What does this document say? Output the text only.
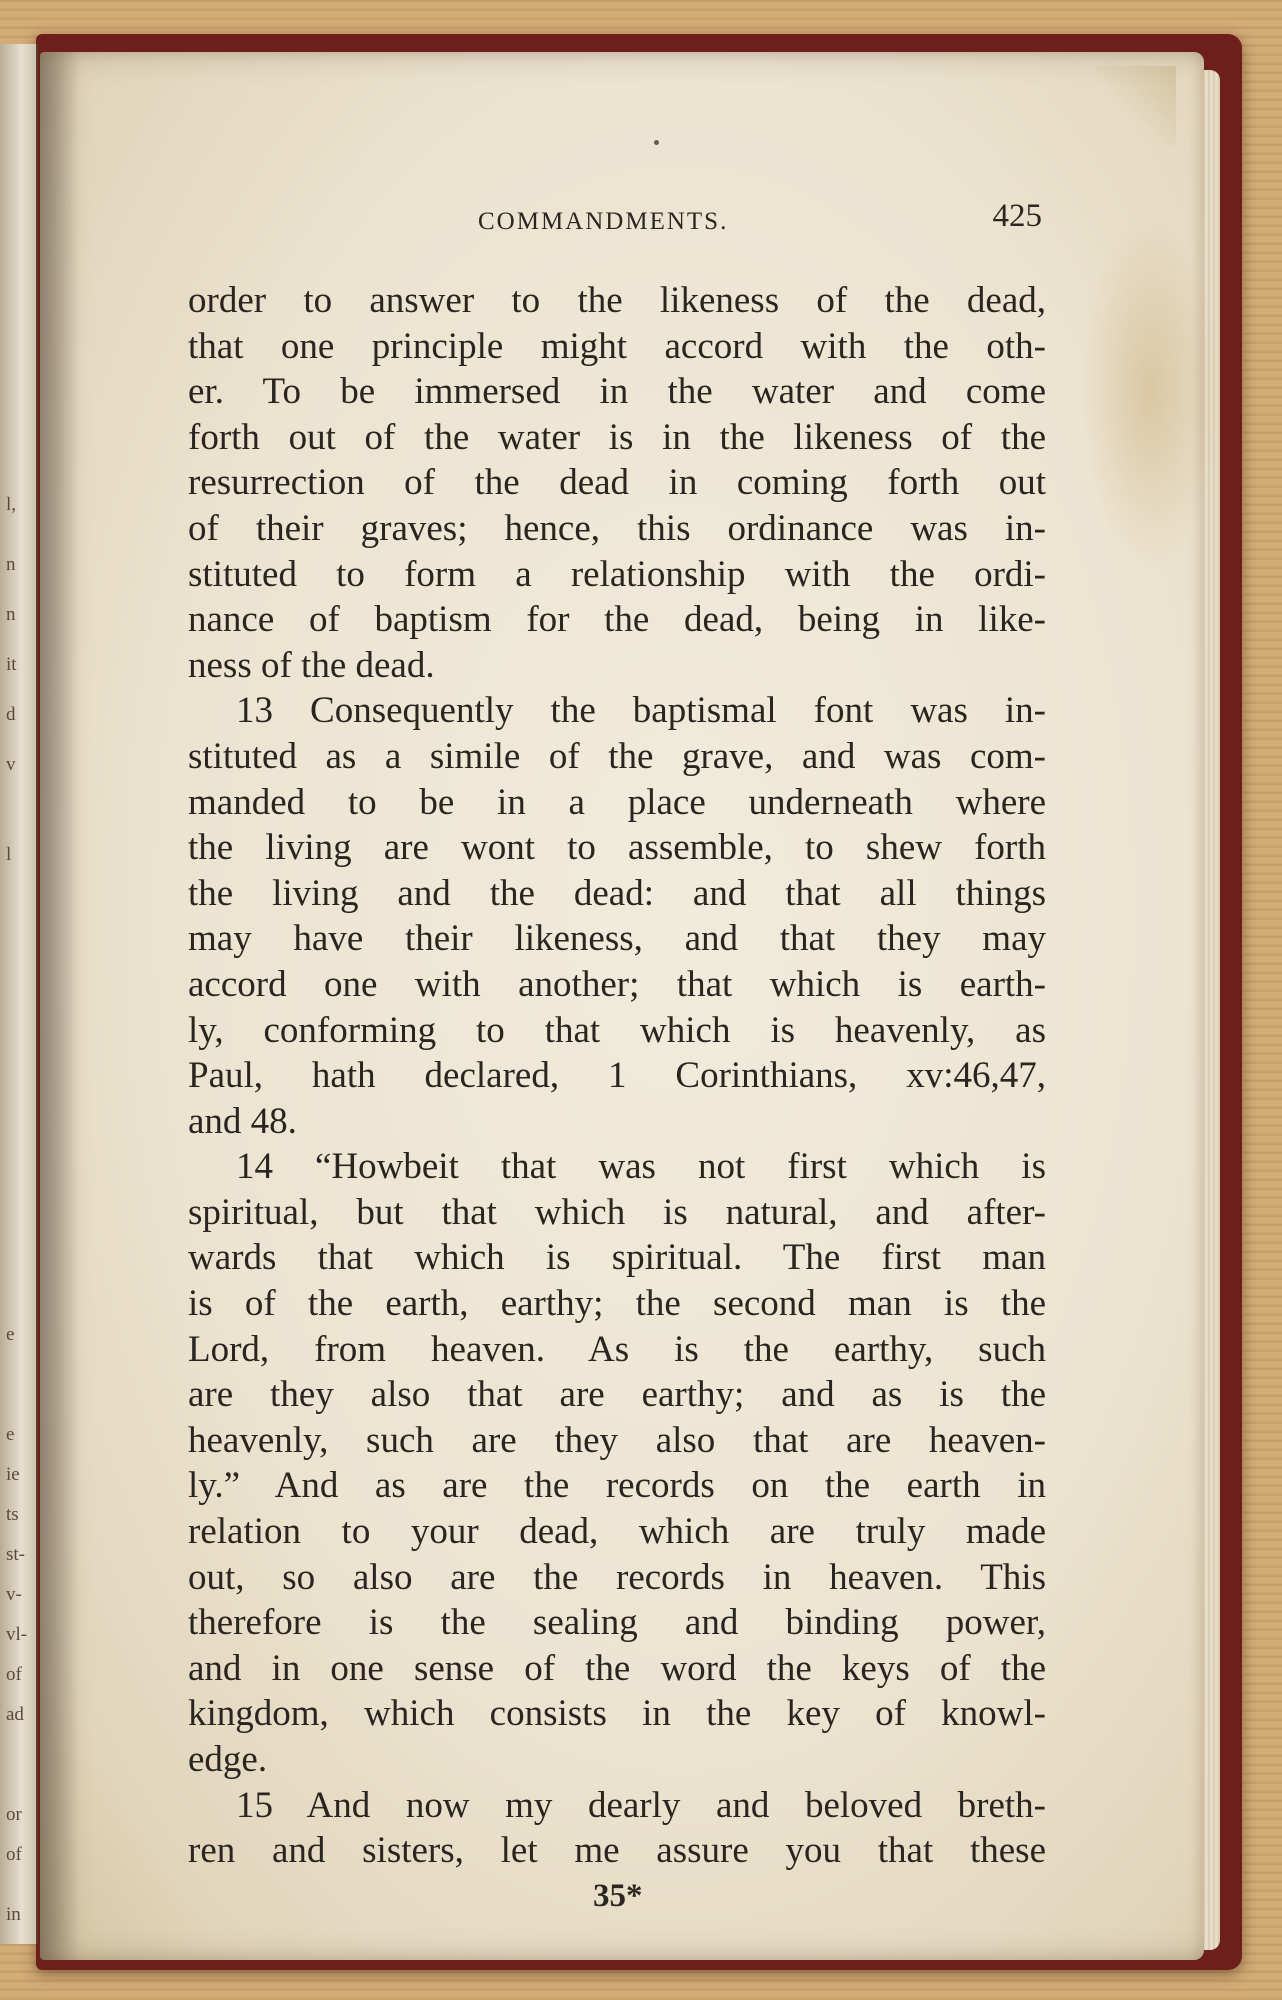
l,
n
n
it
d
v
l
e
e
ie
ts
st-
v-
vl-
of
ad
or
of
in
COMMANDMENTS.	425
order to answer to the likeness of the dead,
that one principle might accord with the oth-
er. To be immersed in the water and come
forth out of the water is in the likeness of the
resurrection of the dead in coming forth out
of their graves; hence, this ordinance was in-
stituted to form a relationship with the ordi-
nance of baptism for the dead, being in like-
ness of the dead.
13 Consequently the baptismal font was in-
stituted as a simile of the grave, and was com-
manded to be in a place underneath where
the living are wont to assemble, to shew forth
the living and the dead: and that all things
may have their likeness, and that they may
accord one with another; that which is earth-
ly, conforming to that which is heavenly, as
Paul, hath declared, 1 Corinthians, xv:46,47,
and 48.
14 “Howbeit that was not first which is
spiritual, but that which is natural, and after-
wards that which is spiritual. The first man
is of the earth, earthy; the second man is the
Lord, from heaven. As is the earthy, such
are they also that are earthy; and as is the
heavenly, such are they also that are heaven-
ly.” And as are the records on the earth in
relation to your dead, which are truly made
out, so also are the records in heaven. This
therefore is the sealing and binding power,
and in one sense of the word the keys of the
kingdom, which consists in the key of knowl-
edge.
15 And now my dearly and beloved breth-
ren and sisters, let me assure you that these
35*
